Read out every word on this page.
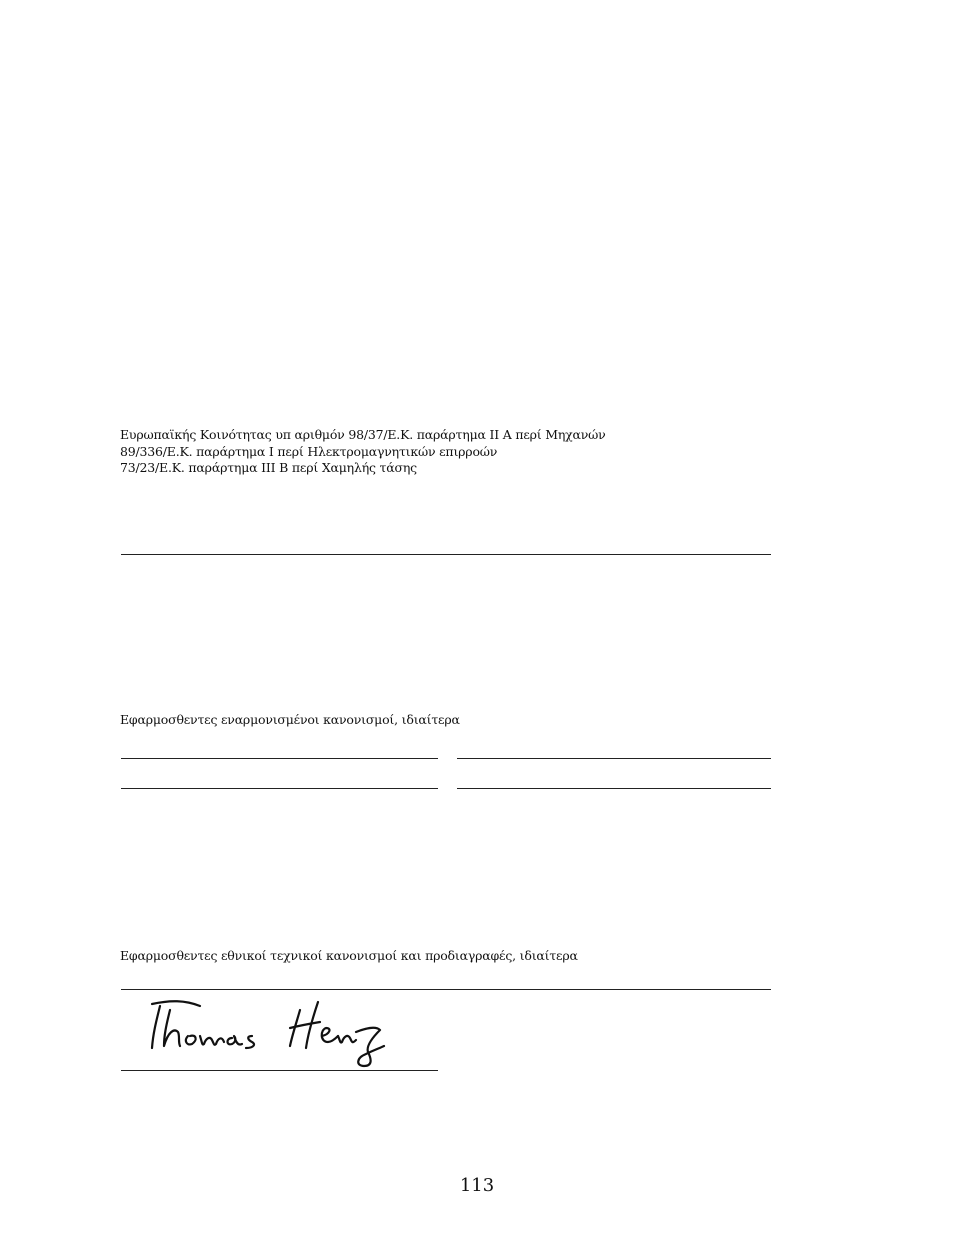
Ευρωπαϊκής Κοινότητας υπ αριθμόν 98/37/Ε.Κ. παράρτημα II A περί Μηχανών
89/336/Ε.Κ. παράρτημα I περί Ηλεκτρομαγνητικών επιρροών
73/23/Ε.Κ. παράρτημα III B περί Χαμηλής τάσης
Εφαρμοσθεντες εναρμονισμένοι κανονισμοί, ιδιαίτερα
Εφαρμοσθεντες εθνικοί τεχνικοί κανονισμοί και προδιαγραφές, ιδιαίτερα
113
